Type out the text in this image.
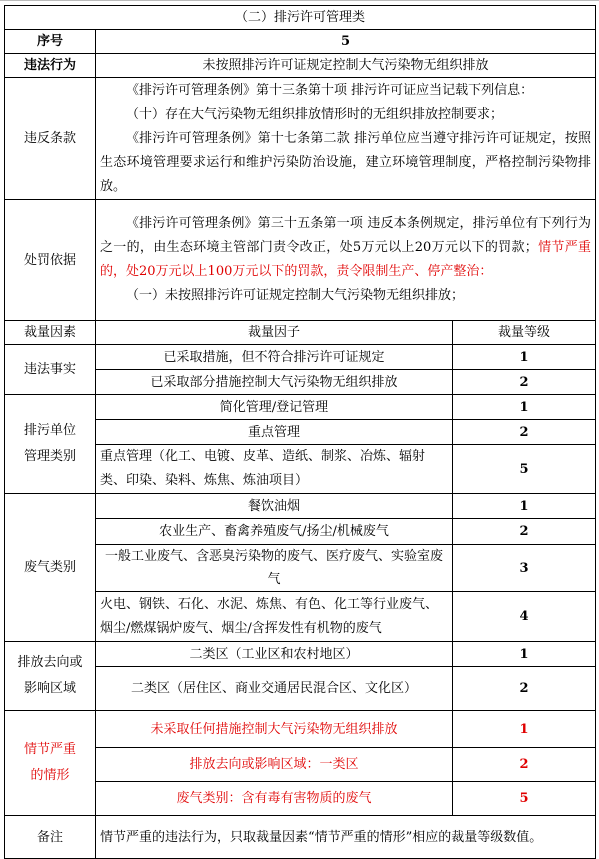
（二）排污许可管理类		
序号	5	
违法行为	未按照排污许可证规定控制大气污染物无组织排放	
违反条款	《排污许可管理条例》第十三条第十项 排污许可证应当记载下列信息：
（十）存在大气污染物无组织排放情形时的无组织排放控制要求；
《排污许可管理条例》第十七条第二款 排污单位应当遵守排污许可证规定，按照生态环境管理要求运行和维护污染防治设施，建立环境管理制度，严格控制污染物排放。	

处罚依据	《排污许可管理条例》第三十五条第一项 违反本条例规定，排污单位有下列行为之一的，由生态环境主管部门责令改正，处5万元以上20万元以下的罚款；情节严重的，处20万元以上100万元以下的罚款，责令限制生产、停产整治：
（一）未按照排污许可证规定控制大气污染物无组织排放；	

裁量因素	裁量因子	裁量等级
违法事实	已采取措施，但不符合排污许可证规定	1
	已采取部分措施控制大气污染物无组织排放	2

排污单位管理类别	简化管理/登记管理	1
	重点管理	2
	重点管理（化工、电镀、皮革、造纸、制浆、冶炼、辐射类、印染、染料、炼焦、炼油项目）	5
废气类别	餐饮油烟	1
	农业生产、畜禽养殖废气/扬尘/机械废气	2
	一般工业废气、含恶臭污染物的废气、医疗废气、实验室废气	3
	火电、钢铁、石化、水泥、炼焦、有色、化工等行业废气、烟尘/燃煤锅炉废气、烟尘/含挥发性有机物的废气	4

排放去向或影响区域	二类区（工业区和农村地区）	1
	二类区（居住区、商业交通居民混合区、文化区）	2

情节严重的情形	未采取任何措施控制大气污染物无组织排放	1
	排放去向或影响区域：一类区	2
	废气类别：含有毒有害物质的废气	5
备注	情节严重的违法行为，只取裁量因素“情节严重的情形”相应的裁量等级数值。	
